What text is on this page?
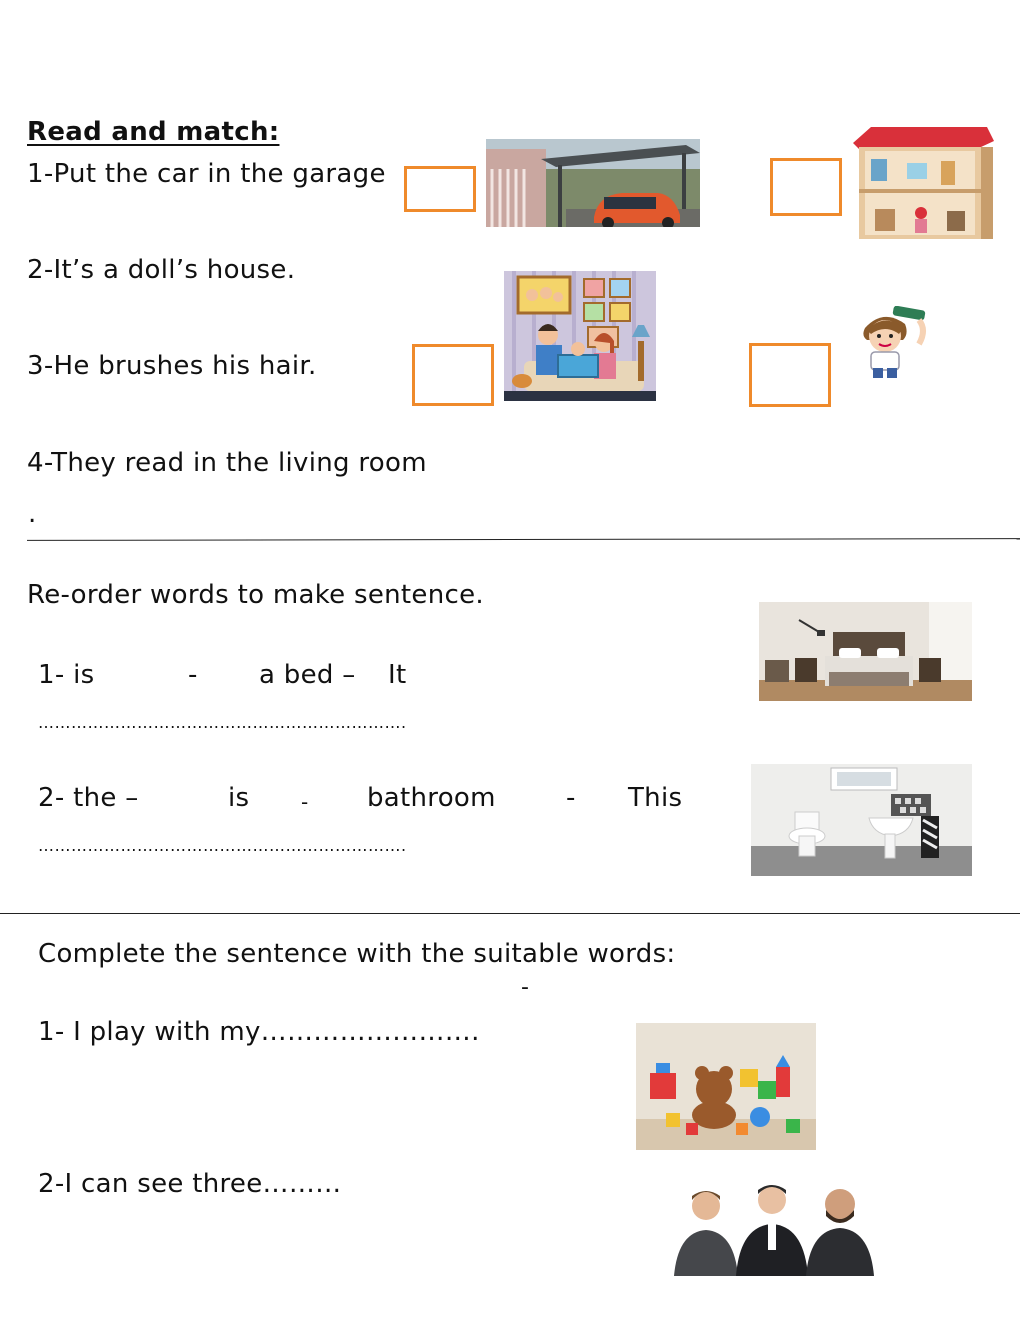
Read and match:
1-Put the car in the garage
2-It’s a doll’s house.
3-He brushes his hair.
4-They read in the living room
.
Re-order words to make sentence.
1- is	- a bed – It
………………………………………………………….
2- the –	is	- bathroom	- This
………………………………………………………….
Complete the sentence with the suitable words:
-
1- I play with my…………………….
2-I can see three………
